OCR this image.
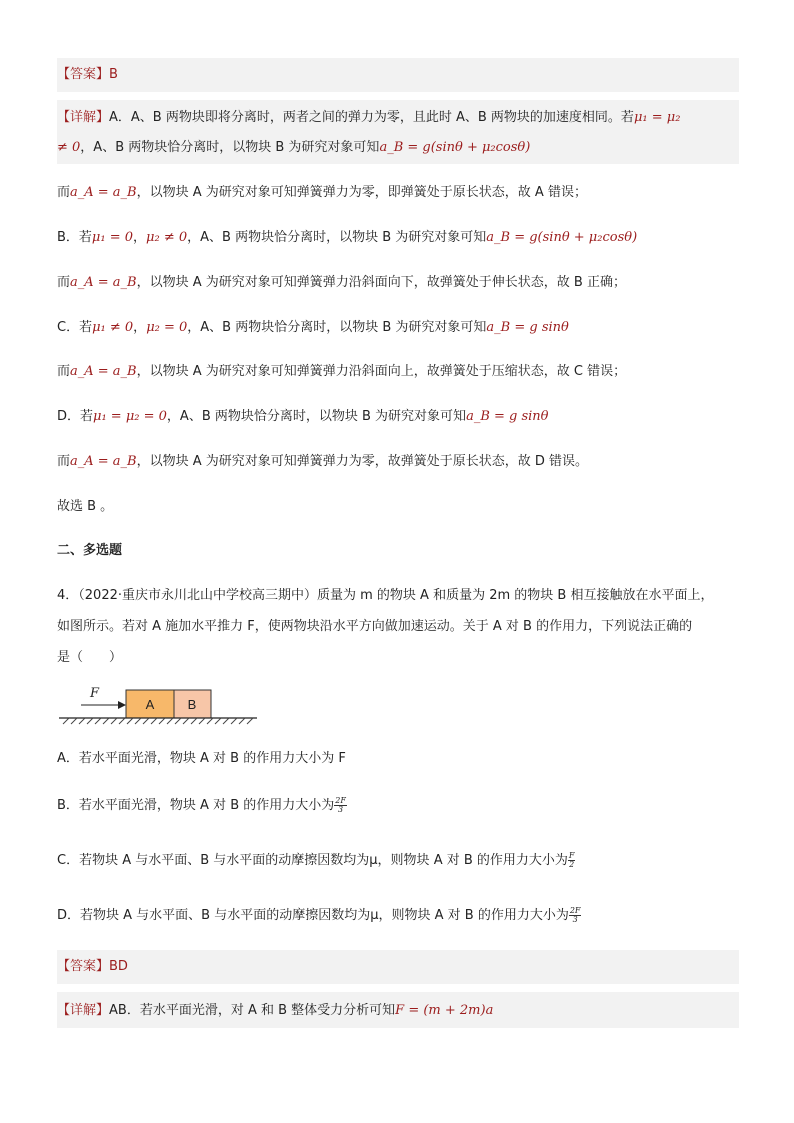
【答案】B
【详解】A．A、B 两物块即将分离时，两者之间的弹力为零，且此时 A、B 两物块的加速度相同。若μ₁ = μ₂
≠ 0，A、B 两物块恰分离时，以物块 B 为研究对象可知a_B = g(sinθ + μ₂cosθ)
而a_A = a_B，以物块 A 为研究对象可知弹簧弹力为零，即弹簧处于原长状态，故 A 错误；
B．若μ₁ = 0，μ₂ ≠ 0，A、B 两物块恰分离时，以物块 B 为研究对象可知a_B = g(sinθ + μ₂cosθ)
而a_A = a_B，以物块 A 为研究对象可知弹簧弹力沿斜面向下，故弹簧处于伸长状态，故 B 正确；
C．若μ₁ ≠ 0，μ₂ = 0，A、B 两物块恰分离时，以物块 B 为研究对象可知a_B = g sinθ
而a_A = a_B，以物块 A 为研究对象可知弹簧弹力沿斜面向上，故弹簧处于压缩状态，故 C 错误；
D．若μ₁ = μ₂ = 0，A、B 两物块恰分离时，以物块 B 为研究对象可知a_B = g sinθ
而a_A = a_B，以物块 A 为研究对象可知弹簧弹力为零，故弹簧处于原长状态，故 D 错误。
故选 B 。
二、多选题
4．（2022·重庆市永川北山中学校高三期中）质量为 m 的物块 A 和质量为 2m 的物块 B 相互接触放在水平面上，
如图所示。若对 A 施加水平推力 F，使两物块沿水平方向做加速运动。关于 A 对 B 的作用力，下列说法正确的
是（　　）
F
A	B
A．若水平面光滑，物块 A 对 B 的作用力大小为 F
B．若水平面光滑，物块 A 对 B 的作用力大小为 $\frac{2F}{3}$
C．若物块 A 与水平面、B 与水平面的动摩擦因数均为μ，则物块 A 对 B 的作用力大小为 $\frac{F}{2}$
D．若物块 A 与水平面、B 与水平面的动摩擦因数均为μ，则物块 A 对 B 的作用力大小为 $\frac{2F}{3}$
【答案】BD
【详解】AB．若水平面光滑，对 A 和 B 整体受力分析可知F = (m + 2m)a
